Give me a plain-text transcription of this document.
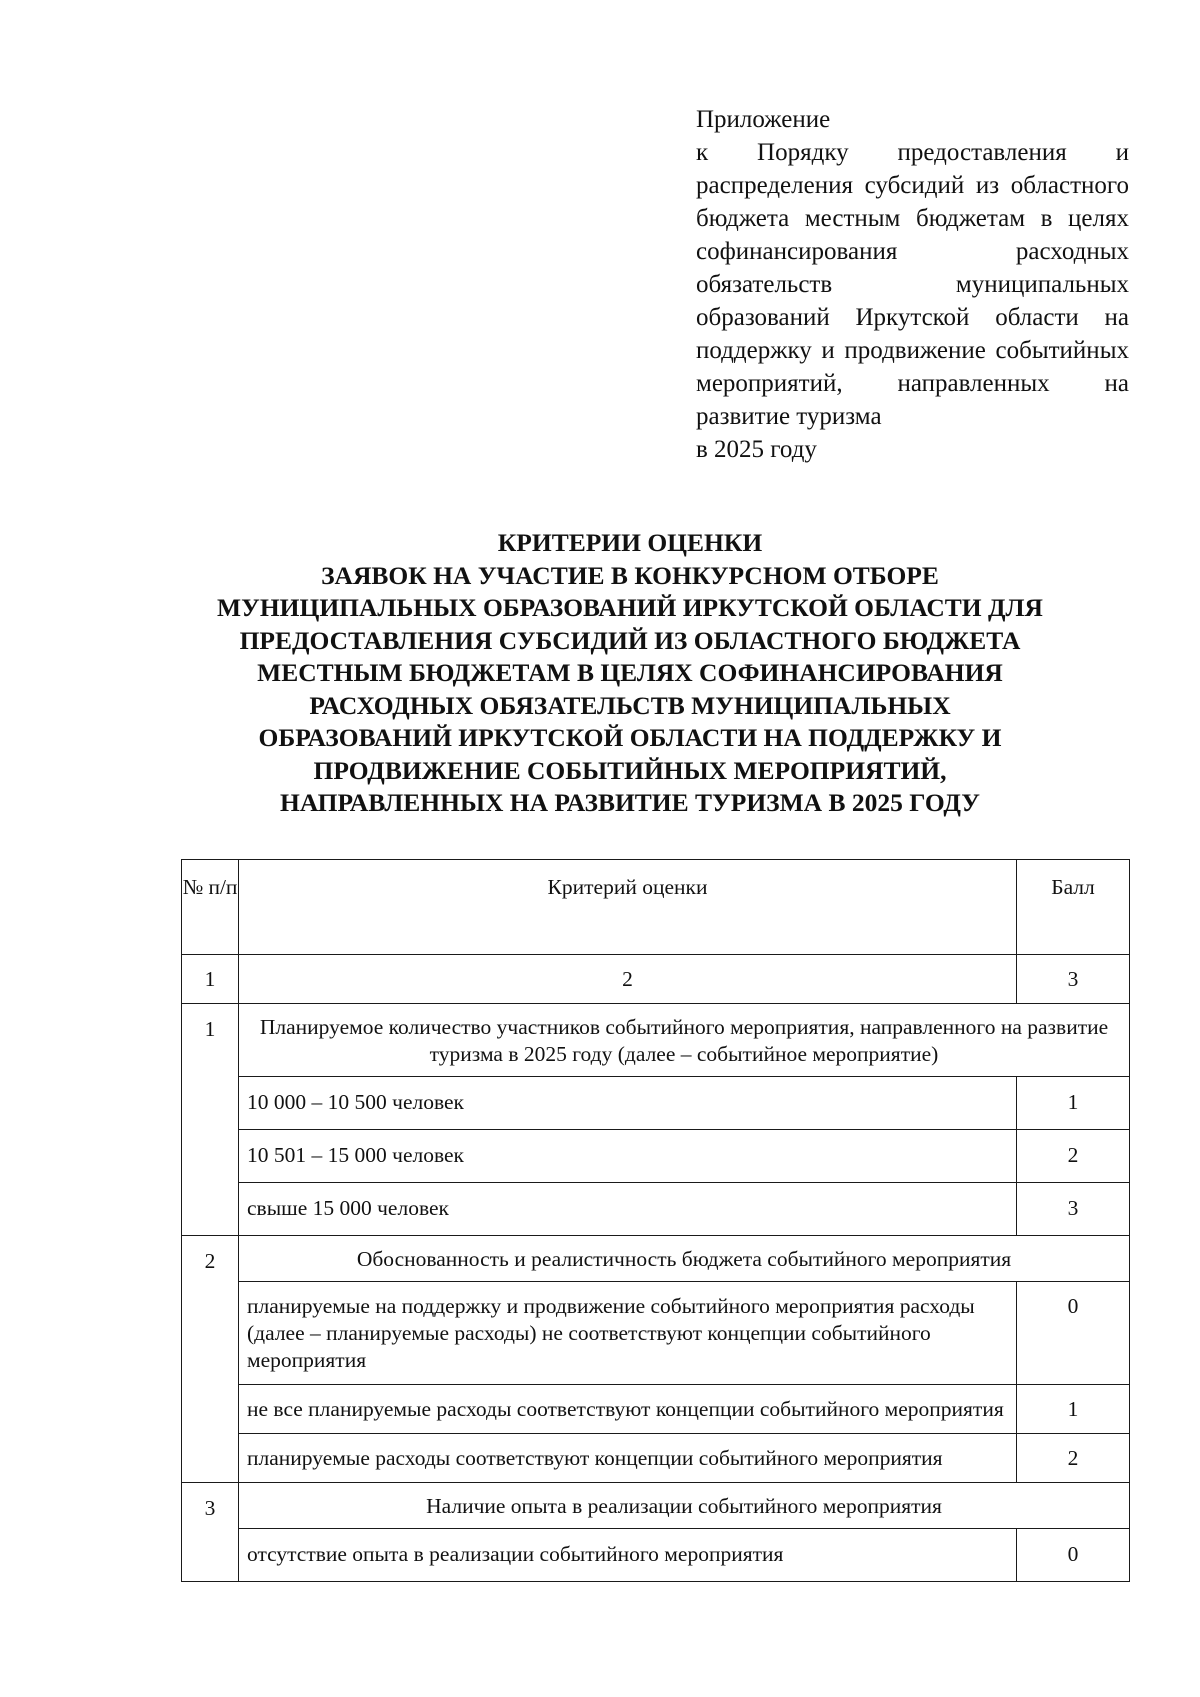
Приложение
к Порядку предоставления и распределения субсидий из областного бюджета местным бюджетам в целях софинансирования расходных обязательств муниципальных образований Иркутской области на поддержку и продвижение событийных мероприятий, направленных на развитие туризма
в 2025 году
КРИТЕРИИ ОЦЕНКИ
ЗАЯВОК НА УЧАСТИЕ В КОНКУРСНОМ ОТБОРЕ
МУНИЦИПАЛЬНЫХ ОБРАЗОВАНИЙ ИРКУТСКОЙ ОБЛАСТИ ДЛЯ
ПРЕДОСТАВЛЕНИЯ СУБСИДИЙ ИЗ ОБЛАСТНОГО БЮДЖЕТА
МЕСТНЫМ БЮДЖЕТАМ В ЦЕЛЯХ СОФИНАНСИРОВАНИЯ
РАСХОДНЫХ ОБЯЗАТЕЛЬСТВ МУНИЦИПАЛЬНЫХ
ОБРАЗОВАНИЙ ИРКУТСКОЙ ОБЛАСТИ НА ПОДДЕРЖКУ И
ПРОДВИЖЕНИЕ СОБЫТИЙНЫХ МЕРОПРИЯТИЙ,
НАПРАВЛЕННЫХ НА РАЗВИТИЕ ТУРИЗМА В 2025 ГОДУ
№ п/п	Критерий оценки	Балл
1	2	3
1	Планируемое количество участников событийного мероприятия, направленного на развитие туризма в 2025 году (далее – событийное мероприятие)	
	10 000 – 10 500 человек	1
	10 501 – 15 000 человек	2
	свыше 15 000 человек	3
2	Обоснованность и реалистичность бюджета событийного мероприятия	
	планируемые на поддержку и продвижение событийного мероприятия расходы (далее – планируемые расходы) не соответствуют концепции событийного мероприятия	0
	не все планируемые расходы соответствуют концепции событийного мероприятия	1
	планируемые расходы соответствуют концепции событийного мероприятия	2
3	Наличие опыта в реализации событийного мероприятия	
	отсутствие опыта в реализации событийного мероприятия	0
